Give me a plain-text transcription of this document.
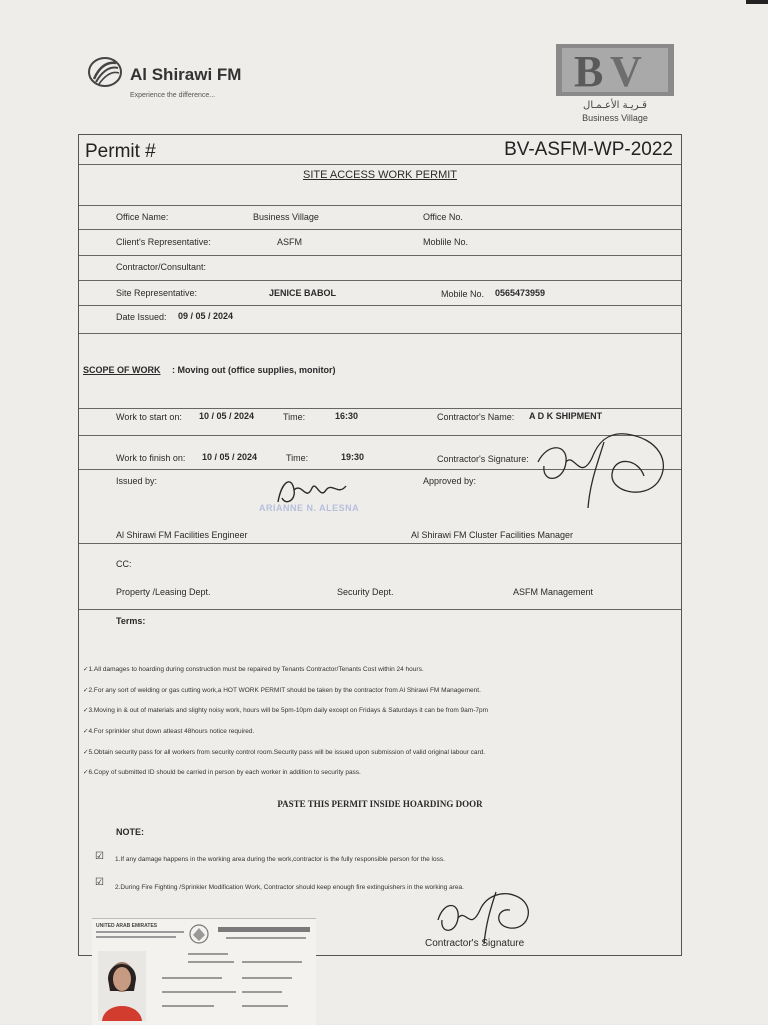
Al Shirawi FM
Experience the difference...	B V
قـريـة الأعـمـال
Business Village
Permit #	BV-ASFM-WP-2022
SITE ACCESS WORK PERMIT
Office Name:	Business Village	Office No.
Client's Representative:	ASFM	Moblile No.
Contractor/Consultant:
Site Representative:	JENICE BABOL	Mobile No. 0565473959
Date Issued: 09 / 05 / 2024
SCOPE OF WORK : Moving out (office supplies, monitor)
Work to start on: 10 / 05 / 2024	Time:	16:30	Contractor's Name: A D K SHIPMENT
Work to finish on: 10 / 05 / 2024	Time:	19:30	Contractor's Signature:
Issued by:	Approved by:
ARIANNE N. ALESNA
Al Shirawi FM Facilities Engineer	Al Shirawi FM Cluster Facilities Manager
CC:
Property /Leasing Dept.	Security Dept.	ASFM Management
Terms:
✓1.All damages to hoarding during construction must be repaired by Tenants Contractor/Tenants Cost within 24 hours.
✓2.For any sort of welding or gas cutting work,a HOT WORK PERMIT should be taken by the contractor from Al Shirawi FM Management.
✓3.Moving in & out of materials and slighty noisy work, hours will be 5pm-10pm daily except on Fridays & Saturdays it can be from 9am-7pm
✓4.For sprinkler shut down atleast 48hours notice required.
✓5.Obtain security pass for all workers from security control room.Security pass will be issued upon submission of valid original labour card.
✓6.Copy of submitted ID should be carried in person by each worker in addition to security pass.
PASTE THIS PERMIT INSIDE HOARDING DOOR
NOTE:
☑ 1.If any damage happens in the working area during the work,contractor is the fully responsible person for the loss.
☑ 2.During Fire Fighting /Sprinkler Modification Work, Contractor should keep enough fire extinguishers in the working area.
Contractor's Signature
UNITED ARAB EMIRATES
